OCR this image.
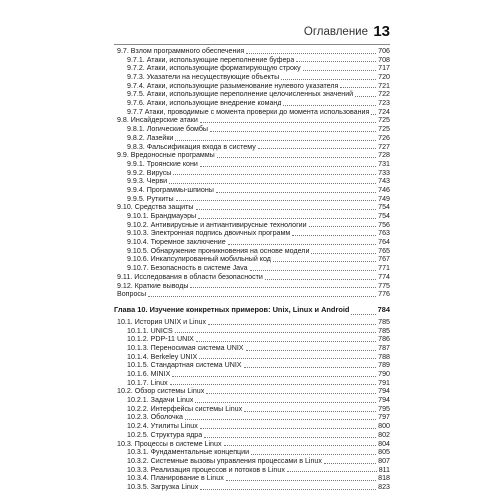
Оглавление 13
9.7. Взлом программного обеспечения	706
9.7.1. Атаки, использующие переполнение буфера	708
9.7.2. Атаки, использующие форматирующую строку	717
9.7.3. Указатели на несуществующие объекты	720
9.7.4. Атаки, использующие разыменование нулевого указателя	721
9.7.5. Атаки, использующие переполнение целочисленных значений	722
9.7.6. Атаки, использующие внедрение команд	723
9.7.7 Атаки, проводимые с момента проверки до момента использования 724
9.8. Инсайдерские атаки	725
9.8.1. Логические бомбы	725
9.8.2. Лазейки	726
9.8.3. Фальсификация входа в систему	727
9.9. Вредоносные программы	728
9.9.1. Троянские кони	731
9.9.2. Вирусы	733
9.9.3. Черви	743
9.9.4. Программы-шпионы	746
9.9.5. Руткиты	749
9.10. Средства защиты	754
9.10.1. Брандмауэры	754
9.10.2. Антивирусные и антиантивирусные технологии	756
9.10.3. Электронная подпись двоичных программ	763
9.10.4. Тюремное заключение	764
9.10.5. Обнаружение проникновения на основе модели	765
9.10.6. Инкапсулированный мобильный код	767
9.10.7. Безопасность в системе Java	771
9.11. Исследования в области безопасности	774
9.12. Краткие выводы	775
Вопросы	776
Глава 10. Изучение конкретных примеров: Unix, Linux и Android	784
10.1. История UNIX и Linux	785
10.1.1. UNICS	785
10.1.2. PDP-11 UNIX	786
10.1.3. Переносимая система UNIX	787
10.1.4. Berkeley UNIX	788
10.1.5. Стандартная система UNIX	789
10.1.6. MINIX	790
10.1.7. Linux	791
10.2. Обзор системы Linux	794
10.2.1. Задачи Linux	794
10.2.2. Интерфейсы системы Linux	795
10.2.3. Оболочка	797
10.2.4. Утилиты Linux	800
10.2.5. Структура ядра	802
10.3. Процессы в системе Linux	804
10.3.1. Фундаментальные концепции	805
10.3.2. Системные вызовы управления процессами в Linux	807
10.3.3. Реализация процессов и потоков в Linux	811
10.3.4. Планирование в Linux	818
10.3.5. Загрузка Linux	823
